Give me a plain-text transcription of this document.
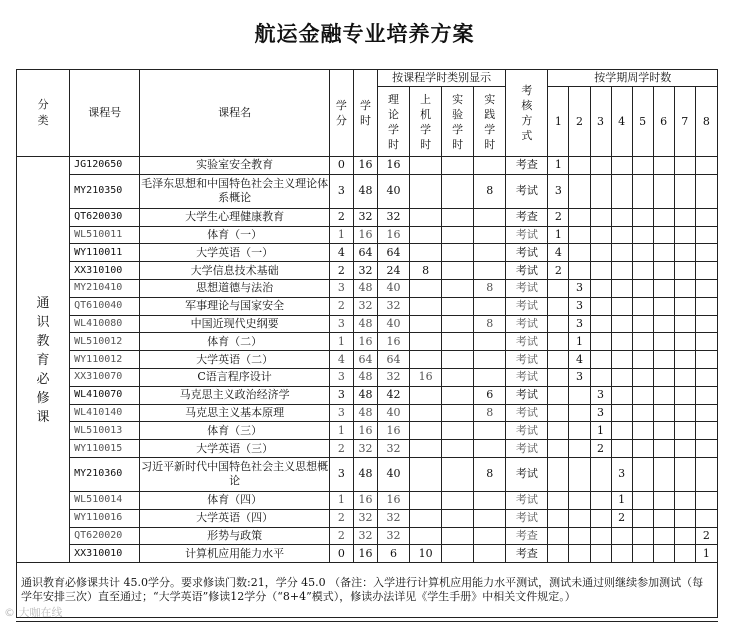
航运金融专业培养方案
分类	课程号	课程名	学分	学时	按课程学时类别显示				考核方式	按学期周学时数							
					理论学时	上机学时	实验学时	实践学时		1	2	3	4	5	6	7	8
通识教育必修课	JG120650	实验室安全教育	0	16	16				考查	1							
	MY210350	毛泽东思想和中国特色社会主义理论体系概论	3	48	40			8	考试	3							
	QT620030	大学生心理健康教育	2	32	32				考查	2							
	WL510011	体育（一）	1	16	16				考试	1							
	WY110011	大学英语（一）	4	64	64				考试	4							
	XX310100	大学信息技术基础	2	32	24	8			考试	2							
	MY210410	思想道德与法治	3	48	40			8	考试		3						
	QT610040	军事理论与国家安全	2	32	32				考试		3						
	WL410080	中国近现代史纲要	3	48	40			8	考试		3						
	WL510012	体育（二）	1	16	16				考试		1						
	WY110012	大学英语（二）	4	64	64				考试		4						
	XX310070	C语言程序设计	3	48	32	16			考试		3						
	WL410070	马克思主义政治经济学	3	48	42			6	考试			3					
	WL410140	马克思主义基本原理	3	48	40			8	考试			3					
	WL510013	体育（三）	1	16	16				考试			1					
	WY110015	大学英语（三）	2	32	32				考试			2					
	MY210360	习近平新时代中国特色社会主义思想概论	3	48	40			8	考试				3				
	WL510014	体育（四）	1	16	16				考试				1				
	WY110016	大学英语（四）	2	32	32				考试				2				
	QT620020	形势与政策	2	32	32				考查								2
	XX310010	计算机应用能力水平	0	16	6	10			考查								1
通识教育必修课共计 45.0学分。要求修读门数:21，学分 45.0 （备注：入学进行计算机应用能力水平测试，测试未通过则继续参加测试（每学年安排三次）直至通过；“大学英语”修读12学分（“8+4”模式），修读办法详见《学生手册》中相关文件规定。）																	
© 大咖在线
